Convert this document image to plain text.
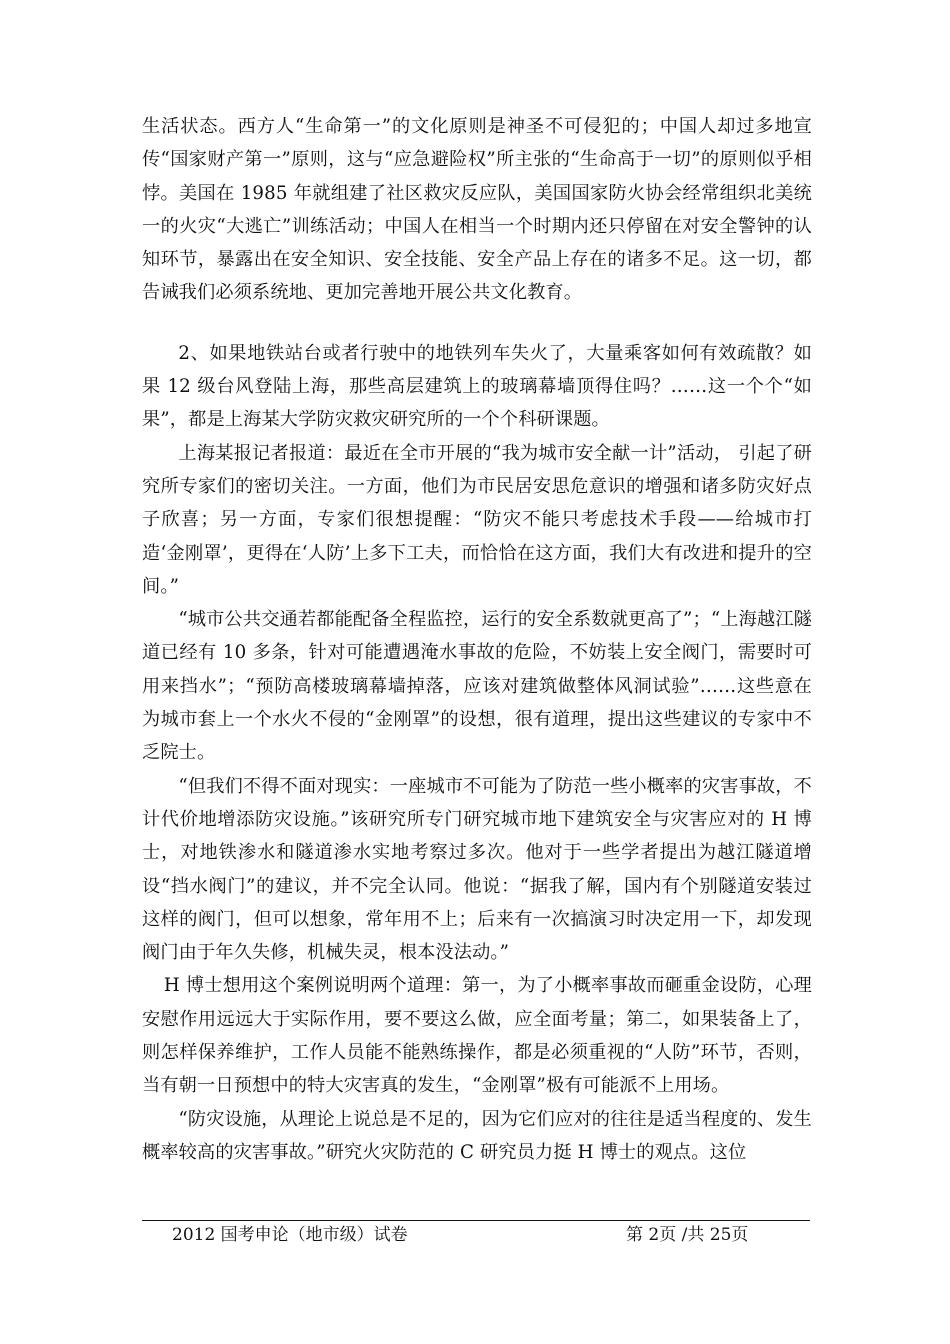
生活状态。西方人“生命第一”的文化原则是神圣不可侵犯的；中国人却过多地宣传“国家财产第一”原则，这与“应急避险权”所主张的“生命高于一切”的原则似乎相悖。美国在 1985 年就组建了社区救灾反应队，美国国家防火协会经常组织北美统一的火灾“大逃亡”训练活动；中国人在相当一个时期内还只停留在对安全警钟的认知环节，暴露出在安全知识、安全技能、安全产品上存在的诸多不足。这一切，都告诫我们必须系统地、更加完善地开展公共文化教育。

2、如果地铁站台或者行驶中的地铁列车失火了，大量乘客如何有效疏散？如果 12 级台风登陆上海，那些高层建筑上的玻璃幕墙顶得住吗？……这一个个“如果”，都是上海某大学防灾救灾研究所的一个个科研课题。

上海某报记者报道：最近在全市开展的“我为城市安全献一计”活动， 引起了研究所专家们的密切关注。一方面，他们为市民居安思危意识的增强和诸多防灾好点子欣喜；另一方面，专家们很想提醒：“防灾不能只考虑技术手段——给城市打造‘金刚罩’，更得在‘人防’上多下工夫，而恰恰在这方面，我们大有改进和提升的空间。”

“城市公共交通若都能配备全程监控，运行的安全系数就更高了”；“上海越江隧道已经有 10 多条，针对可能遭遇淹水事故的危险，不妨装上安全阀门，需要时可用来挡水”；“预防高楼玻璃幕墙掉落，应该对建筑做整体风洞试验”……这些意在为城市套上一个水火不侵的“金刚罩”的设想，很有道理，提出这些建议的专家中不乏院士。

“但我们不得不面对现实：一座城市不可能为了防范一些小概率的灾害事故，不计代价地增添防灾设施。”该研究所专门研究城市地下建筑安全与灾害应对的 H 博士，对地铁渗水和隧道渗水实地考察过多次。他对于一些学者提出为越江隧道增设“挡水阀门”的建议，并不完全认同。他说：“据我了解，国内有个别隧道安装过这样的阀门，但可以想象，常年用不上；后来有一次搞演习时决定用一下，却发现阀门由于年久失修，机械失灵，根本没法动。”

H 博士想用这个案例说明两个道理：第一，为了小概率事故而砸重金设防，心理安慰作用远远大于实际作用，要不要这么做，应全面考量；第二，如果装备上了，则怎样保养维护，工作人员能不能熟练操作，都是必须重视的“人防”环节，否则，当有朝一日预想中的特大灾害真的发生，“金刚罩”极有可能派不上用场。

“防灾设施，从理论上说总是不足的，因为它们应对的往往是适当程度的、发生概率较高的灾害事故。”研究火灾防范的 C 研究员力挺 H 博士的观点。这位

2012 国考申论（地市级）试卷	第 2页 /共 25页
